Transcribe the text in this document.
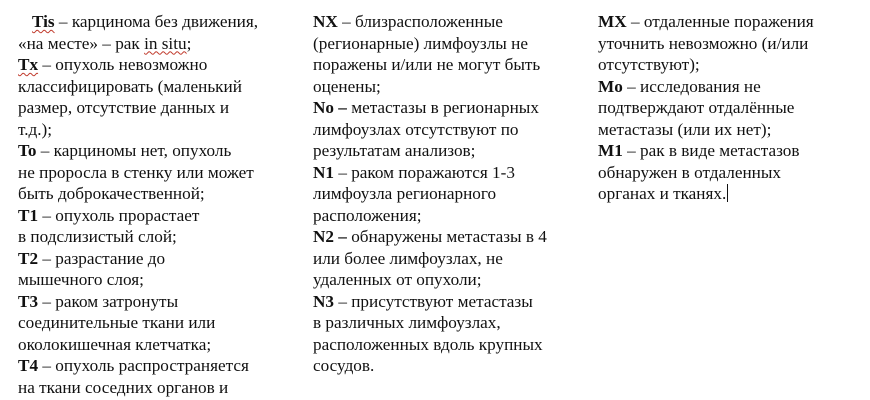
Tis – карцинома без движения,
«на месте» – рак in situ;

Tx – опухоль невозможно
классифицировать (маленький
размер, отсутствие данных и
т.д.);

To – карциномы нет, опухоль
не проросла в стенку или может
быть доброкачественной;

T1 – опухоль прорастает
в подслизистый слой;

T2 – разрастание до
мышечного слоя;

T3 – раком затронуты
соединительные ткани или
околокишечная клетчатка;

T4 – опухоль распространяется
на ткани соседних органов и

NX – близрасположенные
(регионарные) лимфоузлы не
поражены и/или не могут быть
оценены;

No – метастазы в регионарных
лимфоузлах отсутствуют по
результатам анализов;

N1 – раком поражаются 1-3
лимфоузла регионарного
расположения;

N2 – обнаружены метастазы в 4
или более лимфоузлах, не
удаленных от опухоли;

N3 – присутствуют метастазы
в различных лимфоузлах,
расположенных вдоль крупных
сосудов.

MX – отдаленные поражения
уточнить невозможно (и/или
отсутствуют);

Mo – исследования не
подтверждают отдалённые
метастазы (или их нет);

M1 – рак в виде метастазов
обнаружен в отдаленных
органах и тканях.
